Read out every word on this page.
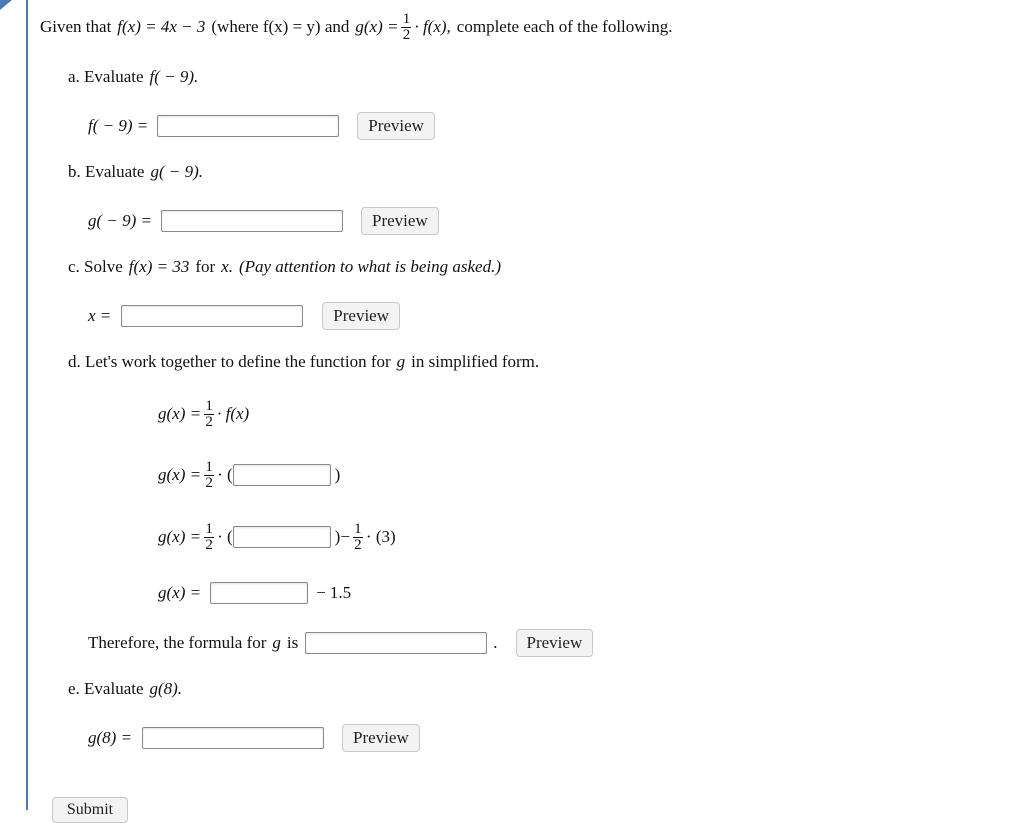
Given that f(x) = 4x − 3 (where f(x) = y) and $g(x) = \frac{1}{2} \cdot f(x)$, complete each of the following.
a. Evaluate f( − 9).
f( − 9) =	Preview
b. Evaluate g( − 9).
g( − 9) =	Preview
c. Solve f(x) = 33 for x. (Pay attention to what is being asked.)
x =	Preview
d. Let's work together to define the function for g in simplified form.
$g(x) = \frac{1}{2} \cdot f(x)$
$g(x) = \frac{1}{2}$ · (	)
$g(x) = \frac{1}{2}$ · (	)− $\frac{1}{2} \cdot (3)$
g(x) =	− 1.5
Therefore, the formula for g is	.	Preview
e. Evaluate g(8).
g(8) =	Preview
Submit
